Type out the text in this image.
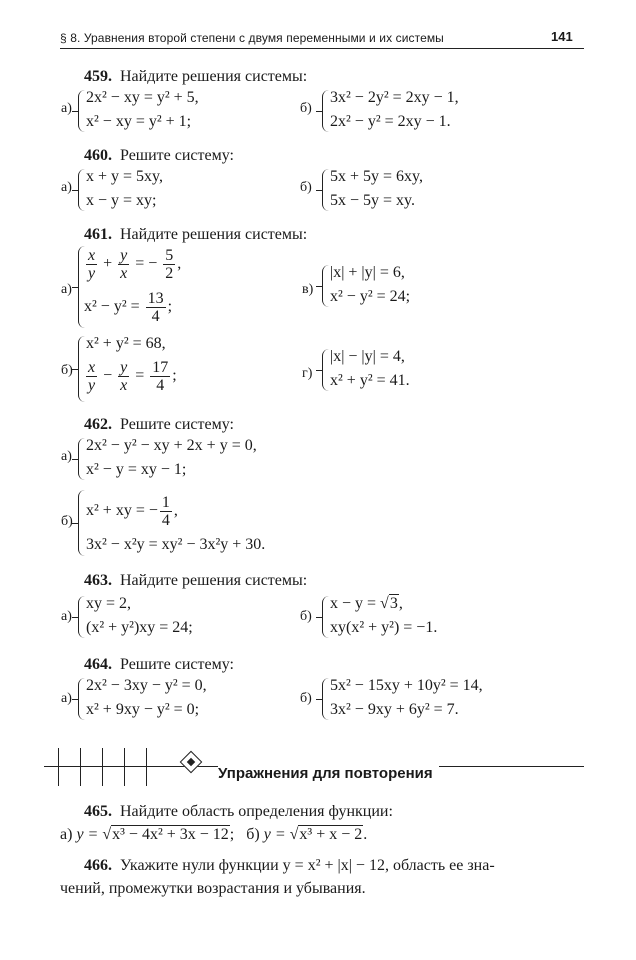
§ 8. Уравнения второй степени с двумя переменными и их системы	141
459. Найдите решения системы:
а)
2x² − xy = y² + 5,
x² − xy = y² + 1;
б)
3x² − 2y² = 2xy − 1,
2x² − y² = 2xy − 1.
460. Решите систему:
а)
x + y = 5xy,
x − y = xy;
б)
5x + 5y = 6xy,
5x − 5y = xy.
461. Найдите решения системы:
а)
$\frac{x}{y} + \frac{y}{x}$ = − $\frac{5}{2}$ ,
$x^2 - y^2 = \frac{13}{4}$ ;
в)
|x| + |y| = 6,
x² − y² = 24;
б)
x² + y² = 68,
$\frac{x}{y} - \frac{y}{x} = \frac{17}{4}$ ;	г)
|x| − |y| = 4,
x² + y² = 41.
462. Решите систему:
а)
2x² − y² − xy + 2x + y = 0,
x² − y = xy − 1;
б)
x² + xy = − $\frac{1}{4}$ ,
3x² − x²y = xy² − 3x²y + 30.
463. Найдите решения системы:
а)
xy = 2,
(x² + y²)xy = 24;
б)
x − y = √3,
xy(x² + y²) = −1.
464. Решите систему:
а)
2x² − 3xy − y² = 0,
x² + 9xy − y² = 0;
б)
5x² − 15xy + 10y² = 14,
3x² − 9xy + 6y² = 7.
Упражнения для повторения
465. Найдите область определения функции:
а) y = √x³ − 4x² + 3x − 12; б) y = √x³ + x − 2.
466. Укажите нули функции y = x² + |x| − 12, область ее зна-
чений, промежутки возрастания и убывания.
